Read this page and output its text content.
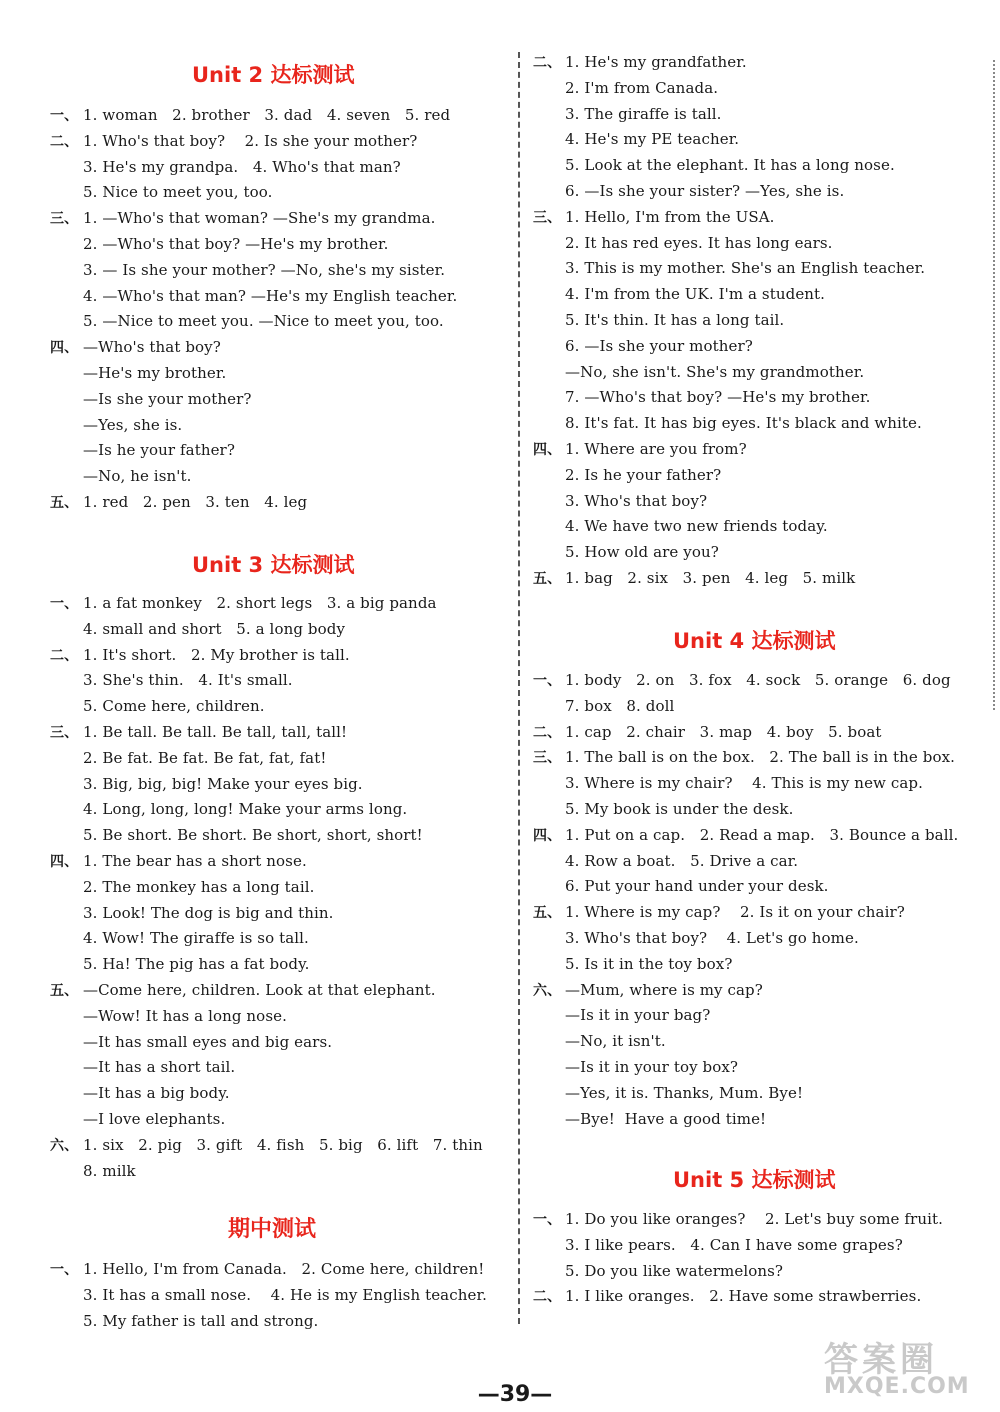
Unit 2 达标测试
一、 1. woman   2. brother   3. dad   4. seven   5. red
二、 1. Who's that boy?    2. Is she your mother?
3. He's my grandpa.   4. Who's that man?
5. Nice to meet you, too.
三、 1. —Who's that woman? —She's my grandma.
2. —Who's that boy? —He's my brother.
3. — Is she your mother? —No, she's my sister.
4. —Who's that man? —He's my English teacher.
5. —Nice to meet you. —Nice to meet you, too.
四、 —Who's that boy?
—He's my brother.
—Is she your mother?
—Yes, she is.
—Is he your father?
—No, he isn't.
五、 1. red   2. pen   3. ten   4. leg
Unit 3 达标测试
一、 1. a fat monkey   2. short legs   3. a big panda
4. small and short   5. a long body
二、 1. It's short.   2. My brother is tall.
3. She's thin.   4. It's small.
5. Come here, children.
三、 1. Be tall. Be tall. Be tall, tall, tall!
2. Be fat. Be fat. Be fat, fat, fat!
3. Big, big, big! Make your eyes big.
4. Long, long, long! Make your arms long.
5. Be short. Be short. Be short, short, short!
四、 1. The bear has a short nose.
2. The monkey has a long tail.
3. Look! The dog is big and thin.
4. Wow! The giraffe is so tall.
5. Ha! The pig has a fat body.
五、 —Come here, children. Look at that elephant.
—Wow! It has a long nose.
—It has small eyes and big ears.
—It has a short tail.
—It has a big body.
—I love elephants.
六、 1. six   2. pig   3. gift   4. fish   5. big   6. lift   7. thin
8. milk
期中测试
一、 1. Hello, I'm from Canada.   2. Come here, children!
3. It has a small nose.    4. He is my English teacher.
5. My father is tall and strong.
二、 1. He's my grandfather.
2. I'm from Canada.
3. The giraffe is tall.
4. He's my PE teacher.
5. Look at the elephant. It has a long nose.
6. —Is she your sister? —Yes, she is.
三、 1. Hello, I'm from the USA.
2. It has red eyes. It has long ears.
3. This is my mother. She's an English teacher.
4. I'm from the UK. I'm a student.
5. It's thin. It has a long tail.
6. —Is she your mother?
—No, she isn't. She's my grandmother.
7. —Who's that boy? —He's my brother.
8. It's fat. It has big eyes. It's black and white.
四、 1. Where are you from?
2. Is he your father?
3. Who's that boy?
4. We have two new friends today.
5. How old are you?
五、 1. bag   2. six   3. pen   4. leg   5. milk
Unit 4 达标测试
一、 1. body   2. on   3. fox   4. sock   5. orange   6. dog
7. box   8. doll
二、 1. cap   2. chair   3. map   4. boy   5. boat
三、 1. The ball is on the box.   2. The ball is in the box.
3. Where is my chair?    4. This is my new cap.
5. My book is under the desk.
四、 1. Put on a cap.   2. Read a map.   3. Bounce a ball.
4. Row a boat.   5. Drive a car.
6. Put your hand under your desk.
五、 1. Where is my cap?    2. Is it on your chair?
3. Who's that boy?    4. Let's go home.
5. Is it in the toy box?
六、 —Mum, where is my cap?
—Is it in your bag?
—No, it isn't.
—Is it in your toy box?
—Yes, it is. Thanks, Mum. Bye!
—Bye!  Have a good time!
Unit 5 达标测试
一、 1. Do you like oranges?    2. Let's buy some fruit.
3. I like pears.   4. Can I have some grapes?
5. Do you like watermelons?
二、 1. I like oranges.   2. Have some strawberries.
—39—
答案圈
MXQE.COM
